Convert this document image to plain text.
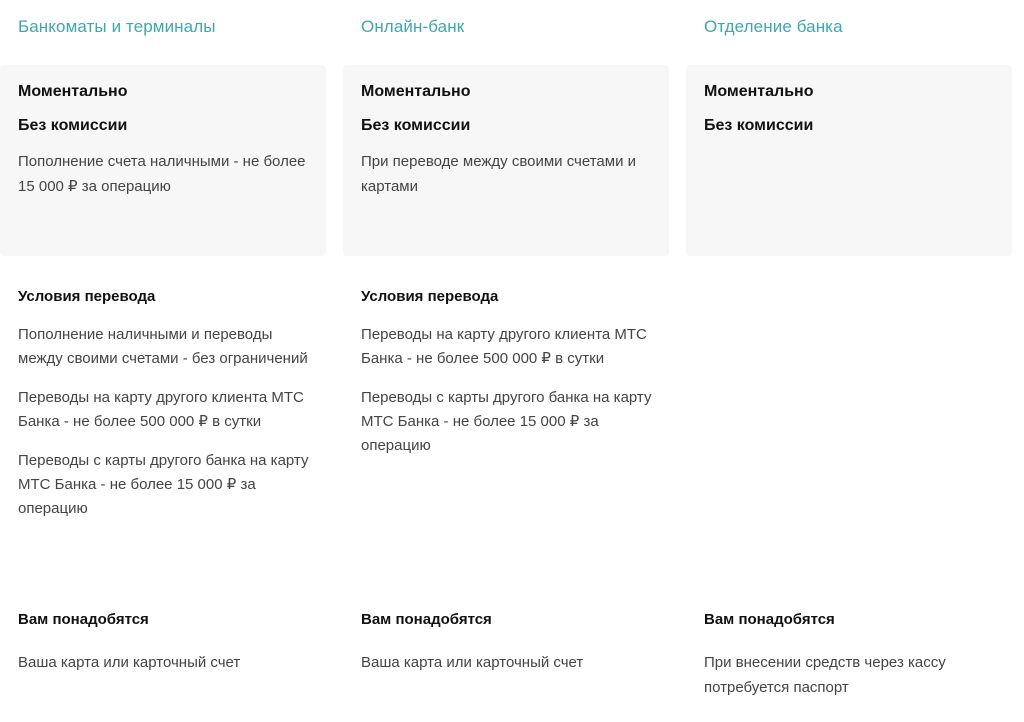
Банкоматы и терминалы
Моментально
Без комиссии
Пополнение счета наличными - не более 15 000 ₽ за операцию
Условия перевода
Пополнение наличными и переводы между своими счетами - без ограничений
Переводы на карту другого клиента МТС Банка - не более 500 000 ₽ в сутки
Переводы с карты другого банка на карту МТС Банка - не более 15 000 ₽ за операцию
Вам понадобятся
Ваша карта или карточный счет
Онлайн-банк
Моментально
Без комиссии
При переводе между своими счетами и картами
Условия перевода
Переводы на карту другого клиента МТС Банка - не более 500 000 ₽ в сутки
Переводы с карты другого банка на карту МТС Банка - не более 15 000 ₽ за операцию
Вам понадобятся
Ваша карта или карточный счет
Отделение банка
Моментально
Без комиссии
Вам понадобятся
При внесении средств через кассу потребуется паспорт
